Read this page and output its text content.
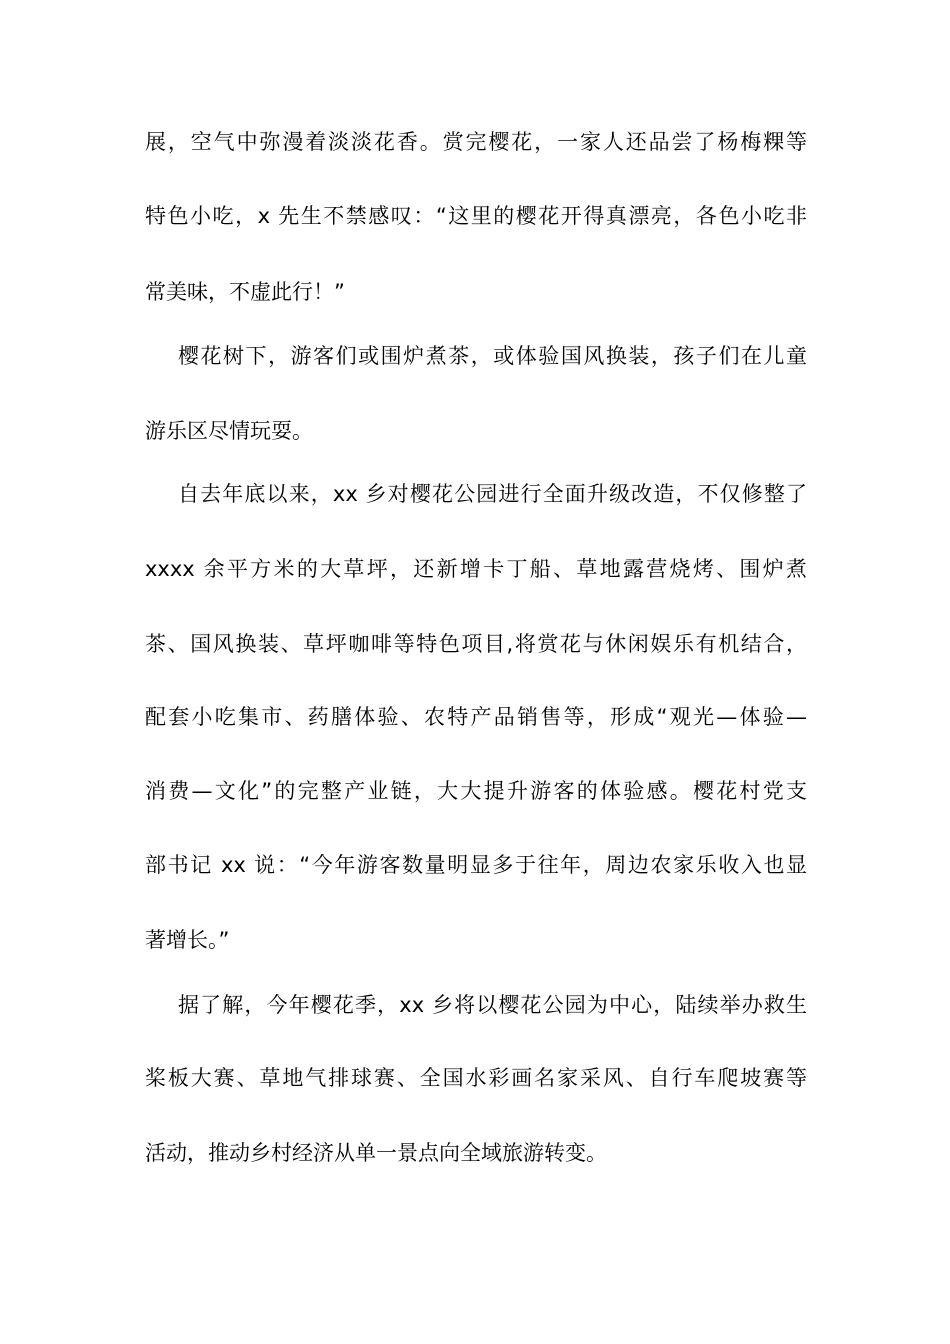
展，空气中弥漫着淡淡花香。赏完樱花，一家人还品尝了杨梅粿等
特色小吃，x 先生不禁感叹：“这里的樱花开得真漂亮，各色小吃非
常美味，不虚此行！”
樱花树下，游客们或围炉煮茶，或体验国风换装，孩子们在儿童
游乐区尽情玩耍。
自去年底以来，xx 乡对樱花公园进行全面升级改造，不仅修整了
xxxx 余平方米的大草坪，还新增卡丁船、草地露营烧烤、围炉煮
茶、国风换装、草坪咖啡等特色项目,将赏花与休闲娱乐有机结合，
配套小吃集市、药膳体验、农特产品销售等，形成“观光—体验—
消费—文化”的完整产业链，大大提升游客的体验感。樱花村党支
部书记 xx 说：“今年游客数量明显多于往年，周边农家乐收入也显
著增长。”
据了解，今年樱花季，xx 乡将以樱花公园为中心，陆续举办救生
桨板大赛、草地气排球赛、全国水彩画名家采风、自行车爬坡赛等
活动，推动乡村经济从单一景点向全域旅游转变。
